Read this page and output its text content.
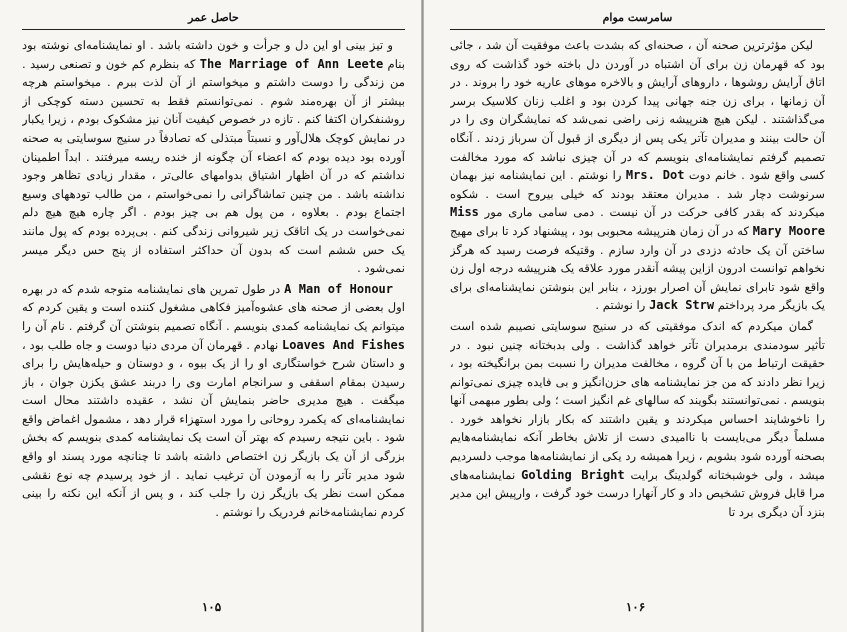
حاصل عمر

و تیز بینی او این دل و جرأت و خون داشته باشد . او نمایشنامه‌ای نوشته بود بنام The Marriage of Ann Leete که بنظرم کم خون و تصنعی رسید . من زندگی را دوست داشتم و میخواستم از آن لذت ببرم . میخواستم هرچه بیشتر از آن بهره‌مند شوم . نمی‌توانستم فقط به تحسین دسته کوچکی از روشنفکران اکتفا کنم . تازه در خصوص کیفیت آنان نیز مشکوک بودم ، زیرا یکبار در نمایش کوچک هلال‌آور و نسبتاً مبتذلی که تصادفاً در سنیج سوسایتی به صحنه آورده بود دیده بودم که اعضاء آن چگونه از خنده ریسه میرفتند . ابداً اطمینان نداشتم که در آن اظهار اشتیاق بدوامهای عالی‌تر ، مقدار زیادی تظاهر وجود نداشته باشد . من چنین تماشاگرانی را نمی‌خواستم ، من طالب تودههای وسیع اجتماع بودم . بعلاوه ، من پول هم بی چیز بودم . اگر چاره هیچ هیچ دلم نمی‌خواست در یک اتاقک زیر شیروانی زندگی کنم . بی‌پرده بودم که پول مانند یک حس ششم است که بدون آن حداکثر استفاده از پنج حس دیگر میسر نمی‌شود .

A Man of Honour در طول تمرین های نمایشنامه متوجه شدم که در بهره اول بعضی از صحنه های عشوه‌آمیز فکاهی مشغول کننده است و یقین کردم که میتوانم یک نمایشنامه کمدی بنویسم . آنگاه تصمیم بنوشتن آن گرفتم . نام آن را Loaves And Fishes نهادم . قهرمان آن مردی دنیا دوست و جاه طلب بود ، و داستان شرح خواستگاری او را از یک بیوه ، و دوستان و حیله‌هایش را برای رسیدن بمقام اسقفی و سرانجام امارت وی را دربند عشق یکزن جوان ، باز میگفت . هیچ مدیری حاضر بنمایش آن نشد ، عقیده داشتند محال است نمایشنامه‌ای که یکمرد روحانی را مورد استهزاء قرار دهد ، مشمول اغماض واقع شود . باین نتیجه رسیدم که بهتر آن است یک نمایشنامه کمدی بنویسم که بخش بزرگی از آن یک بازیگر زن اختصاص داشته باشد تا چنانچه مورد پسند او واقع شود مدیر تآتر را به آزمودن آن ترغیب نماید . از خود پرسیدم چه نوع نقشی ممکن است نظر یک بازیگر زن را جلب کند ، و پس از آنکه این نکته را بینی کردم نمایشنامه‌خانم فردریک را نوشتم .

۱۰۵
سامرست موام

لیکن مؤثرترین صحنه آن ، صحنه‌ای که بشدت باعث موفقیت آن شد ، جائی بود که قهرمان زن برای آن اشتباه در آوردن دل باخته خود گذاشت که روی اتاق آرایش روشوها ، داروهای آرایش و بالاخره موهای عاریه خود را بروند . در آن زمانها ، برای زن جنه جهانی پیدا کردن بود و اغلب زنان کلاسیک برسر می‌گذاشتند . لیکن هیچ هنرپیشه زنی راضی نمی‌شد که نمایشگران وی را در آن حالت بینند و مدیران تآتر یکی پس از دیگری از قبول آن سرباز زدند . آنگاه تصمیم گرفتم نمایشنامه‌ای بنویسم که در آن چیزی نباشد که مورد مخالفت کسی واقع شود . خانم دوت Mrs. Dot را نوشتم . این نمایشنامه نیز بهمان سرنوشت دچار شد . مدیران معتقد بودند که خیلی بیروح است . شکوه میکردند که بقدر کافی حرکت در آن نیست . دمی سامی ماری مور Miss Mary Moore که در آن زمان هنرپیشه محبوبی بود ، پیشنهاد کرد تا برای مهیج ساختن آن یک حادثه دزدی در آن وارد سازم . وقتیکه فرصت رسید که هرگز نخواهم توانست ادرون ازاین پیشه آنقدر مورد علاقه یک هنرپیشه درجه اول زن واقع شود تابرای نمایش آن اصرار بورزد ، بنابر این بنوشتن نمایشنامه‌ای برای یک بازیگر مرد پرداختم Jack Strw را نوشتم .

گمان میکردم که اندک موفقیتی که در سنیج سوسایتی نصیبم شده است تأثیر سودمندی برمدیران تآتر خواهد گذاشت . ولی بدبختانه چنین نبود . در حقیقت ارتباط من با آن گروه ، مخالفت مدیران را نسبت بمن برانگیخته بود ، زیرا نظر دادند که من جز نمایشنامه های حزن‌انگیز و بی فایده چیزی نمی‌توانم بنویسم . نمی‌توانستند بگویند که سالهای غم انگیز است ؛ ولی بطور مبهمی آنها را ناخوشایند احساس میکردند و یقین داشتند که بکار بازار نخواهد خورد . مسلماً دیگر می‌بایست با ناامیدی دست از تلاش بخاطر آنکه نمایشنامه‌هایم بصحنه آورده شود بشویم ، زیرا همیشه رد یکی از نمایشنامه‌ها موجب دلسردیم میشد ، ولی خوشبختانه گولدینگ برایت Golding Bright نمایشنامه‌های مرا قابل فروش تشخیص داد و کار آنهارا درست خود گرفت ، وارپیش این مدیر بنزد آن دیگری برد تا

۱۰۶
